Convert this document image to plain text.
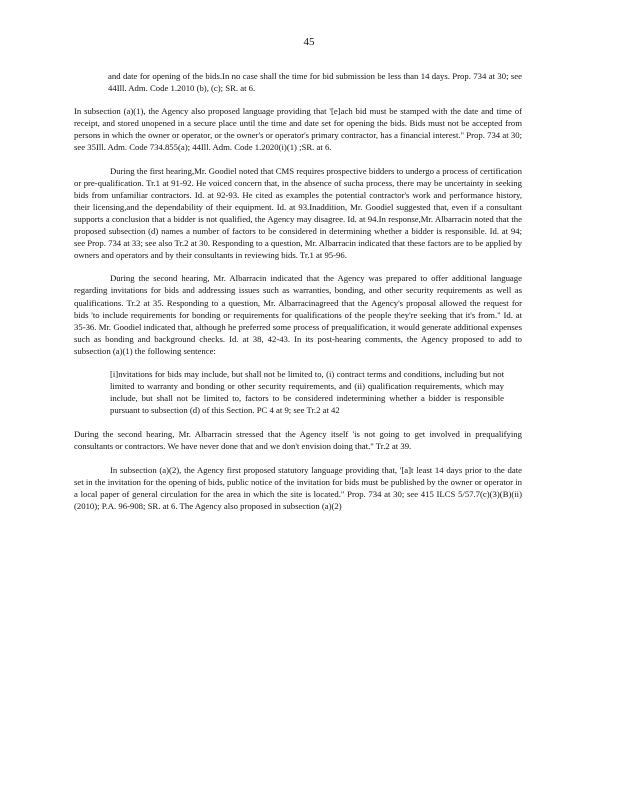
45

and date for opening of the bids.In no case shall the time for bid submission be less than 14 days. Prop. 734 at 30; see 44Ill. Adm. Code 1.2010 (b), (c); SR. at 6.

In subsection (a)(1), the Agency also proposed language providing that '[e]ach bid must be stamped with the date and time of receipt, and stored unopened in a secure place until the time and date set for opening the bids. Bids must not be accepted from persons in which the owner or operator, or the owner's or operator's primary contractor, has a financial interest." Prop. 734 at 30; see 35Ill. Adm. Code 734.855(a); 44Ill. Adm. Code 1.2020(i)(1) ;SR. at 6.

During the first hearing,Mr. Goodiel noted that CMS requires prospective bidders to undergo a process of certification or pre-qualification. Tr.1 at 91-92. He voiced concern that, in the absence of sucha process, there may be uncertainty in seeking bids from unfamiliar contractors. Id. at 92-93. He cited as examples the potential contractor's work and performance history, their licensing,and the dependability of their equipment. Id. at 93.Inaddition, Mr. Goodiel suggested that, even if a consultant supports a conclusion that a bidder is not qualified, the Agency may disagree. Id. at 94.In response,Mr. Albarracin noted that the proposed subsection (d) names a number of factors to be considered in determining whether a bidder is responsible. Id. at 94; see Prop. 734 at 33; see also Tr.2 at 30. Responding to a question, Mr. Albarracin indicated that these factors are to be applied by owners and operators and by their consultants in reviewing bids. Tr.1 at 95-96.

During the second hearing, Mr. Albarracin indicated that the Agency was prepared to offer additional language regarding invitations for bids and addressing issues such as warranties, bonding, and other security requirements as well as qualifications. Tr.2 at 35. Responding to a question, Mr. Albarracinagreed that the Agency's proposal allowed the request for bids 'to include requirements for bonding or requirements for qualifications of the people they're seeking that it's from." Id. at 35-36. Mr. Goodiel indicated that, although he preferred some process of prequalification, it would generate additional expenses such as bonding and background checks. Id. at 38, 42-43. In its post-hearing comments, the Agency proposed to add to subsection (a)(1) the following sentence:

[i]nvitations for bids may include, but shall not be limited to, (i) contract terms and conditions, including but not limited to warranty and bonding or other security requirements, and (ii) qualification requirements, which may include, but shall not be limited to, factors to be considered indetermining whether a bidder is responsible pursuant to subsection (d) of this Section. PC 4 at 9; see Tr.2 at 42

During the second hearing, Mr. Albarracin stressed that the Agency itself 'is not going to get involved in prequalifying consultants or contractors. We have never done that and we don't envision doing that." Tr.2 at 39.

In subsection (a)(2), the Agency first proposed statutory language providing that, '[a]t least 14 days prior to the date set in the invitation for the opening of bids, public notice of the invitation for bids must be published by the owner or operator in a local paper of general circulation for the area in which the site is located." Prop. 734 at 30; see 415 ILCS 5/57.7(c)(3)(B)(ii) (2010); P.A. 96-908; SR. at 6. The Agency also proposed in subsection (a)(2)
